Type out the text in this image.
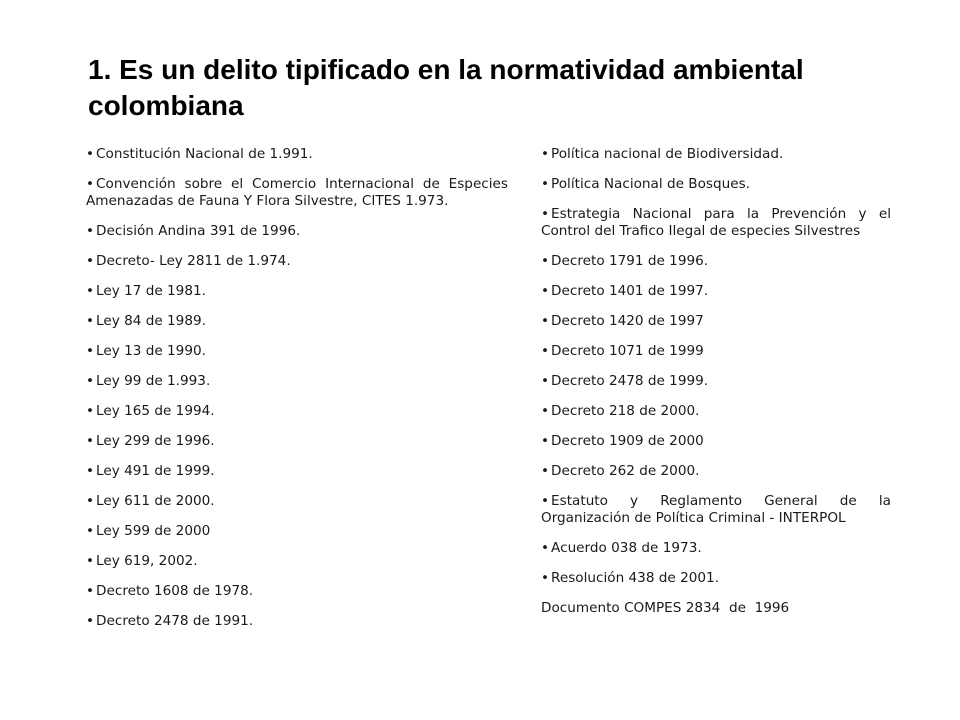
1. Es un delito tipificado en la normatividad ambiental colombiana
• Constitución Nacional de 1.991.
• Convención sobre el Comercio Internacional de Especies Amenazadas de Fauna Y Flora Silvestre, CITES 1.973.
• Decisión Andina 391 de 1996.
• Decreto- Ley 2811 de 1.974.
• Ley 17 de 1981.
• Ley 84 de 1989.
• Ley 13 de 1990.
• Ley 99 de 1.993.
• Ley 165 de 1994.
• Ley 299 de 1996.
• Ley 491 de 1999.
• Ley 611 de 2000.
• Ley 599 de 2000
• Ley 619, 2002.
• Decreto 1608 de 1978.
• Decreto 2478 de 1991.
• Política nacional de Biodiversidad.
• Política Nacional de Bosques.
• Estrategia Nacional para la Prevención y el Control del Trafico Ilegal de especies Silvestres
• Decreto 1791 de 1996.
• Decreto 1401 de 1997.
• Decreto 1420 de 1997
• Decreto 1071 de 1999
• Decreto 2478 de 1999.
• Decreto 218 de 2000.
• Decreto 1909 de 2000
• Decreto 262 de 2000.
• Estatuto y Reglamento General de la Organización de Política Criminal - INTERPOL
• Acuerdo 038 de 1973.
• Resolución 438 de 2001.
Documento COMPES 2834  de  1996
